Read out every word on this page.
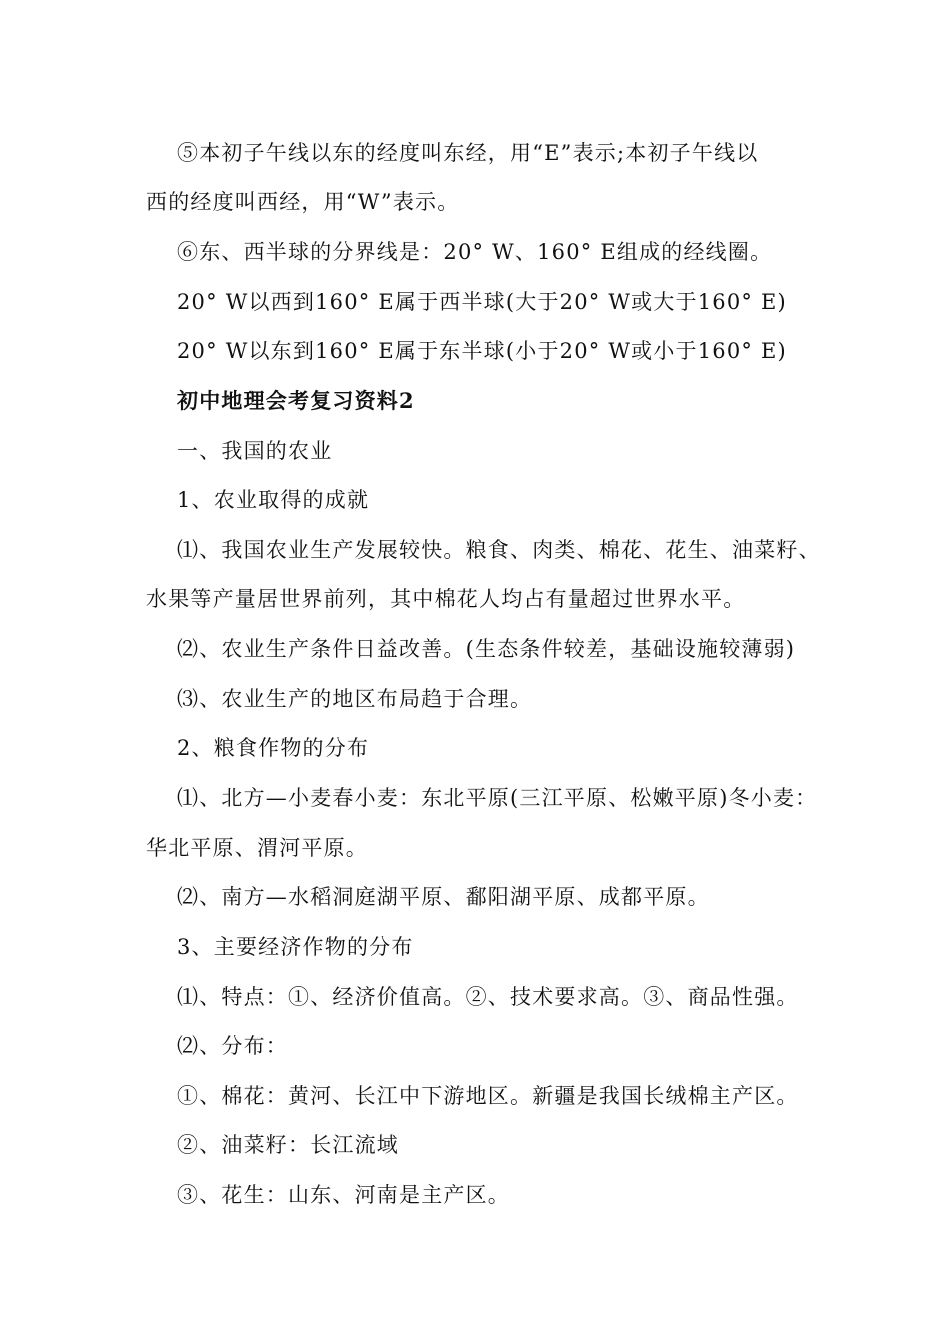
⑤本初子午线以东的经度叫东经，用“E”表示;本初子午线以
西的经度叫西经，用“W”表示。
⑥东、西半球的分界线是：20° W、160° E组成的经线圈。
20° W以西到160° E属于西半球(大于20° W或大于160° E)
20° W以东到160° E属于东半球(小于20° W或小于160° E)
初中地理会考复习资料2
一、我国的农业
1、农业取得的成就
⑴、我国农业生产发展较快。粮食、肉类、棉花、花生、油菜籽、
水果等产量居世界前列，其中棉花人均占有量超过世界水平。
⑵、农业生产条件日益改善。(生态条件较差，基础设施较薄弱)
⑶、农业生产的地区布局趋于合理。
2、粮食作物的分布
⑴、北方—小麦春小麦：东北平原(三江平原、松嫩平原)冬小麦：
华北平原、渭河平原。
⑵、南方—水稻洞庭湖平原、鄱阳湖平原、成都平原。
3、主要经济作物的分布
⑴、特点：①、经济价值高。②、技术要求高。③、商品性强。
⑵、分布：
①、棉花：黄河、长江中下游地区。新疆是我国长绒棉主产区。
②、油菜籽：长江流域
③、花生：山东、河南是主产区。
